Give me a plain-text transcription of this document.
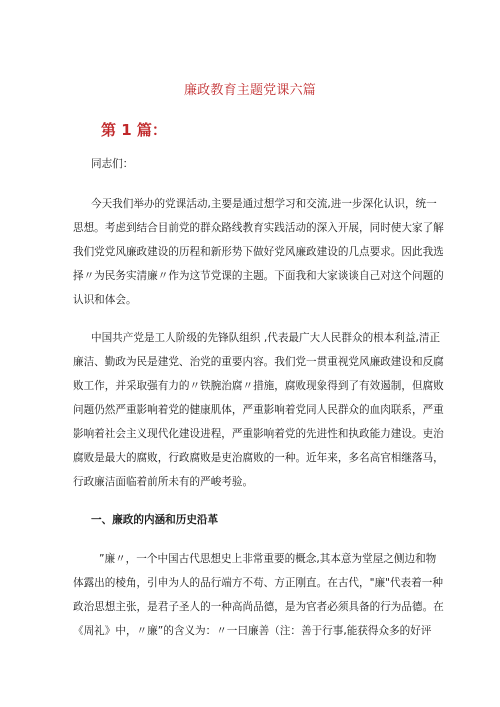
廉政教育主题党课六篇
第 1 篇：
同志们：
今天我们举办的党课活动,主要是通过想学习和交流,进一步深化认识，统一
思想。考虑到结合目前党的群众路线教育实践活动的深入开展，同时使大家了解
我们党党风廉政建设的历程和新形势下做好党风廉政建设的几点要求。因此我选
择〃为民务实清廉〃作为这节党课的主题。下面我和大家谈谈自己对这个问题的
认识和体会。
中国共产党是工人阶级的先锋队组织 ,代表最广大人民群众的根本利益,清正
廉洁、勤政为民是建党、治党的重要内容。我们党一贯重视党风廉政建设和反腐
败工作，并采取强有力的〃铁腕治腐〃措施，腐败现象得到了有效遏制，但腐败
问题仍然严重影响着党的健康肌体，严重影响着党同人民群众的血肉联系，严重
影响着社会主义现代化建设进程，严重影响着党的先进性和执政能力建设。吏治
腐败是最大的腐败，行政腐败是吏治腐败的一种。近年来，多名高官相继落马，
行政廉洁面临着前所未有的严峻考验。
一、廉政的内涵和历史沿革
”廉〃，一个中国古代思想史上非常重要的概念,其本意为堂屋之侧边和物
体露出的棱角，引申为人的品行端方不苟、方正刚直。在古代，"廉"代表着一种
政治思想主张，是君子圣人的一种高尚品德，是为官者必须具备的行为品德。在
《周礼》中，〃廉”的含义为：〃一曰廉善（注：善于行事,能获得众多的好评
